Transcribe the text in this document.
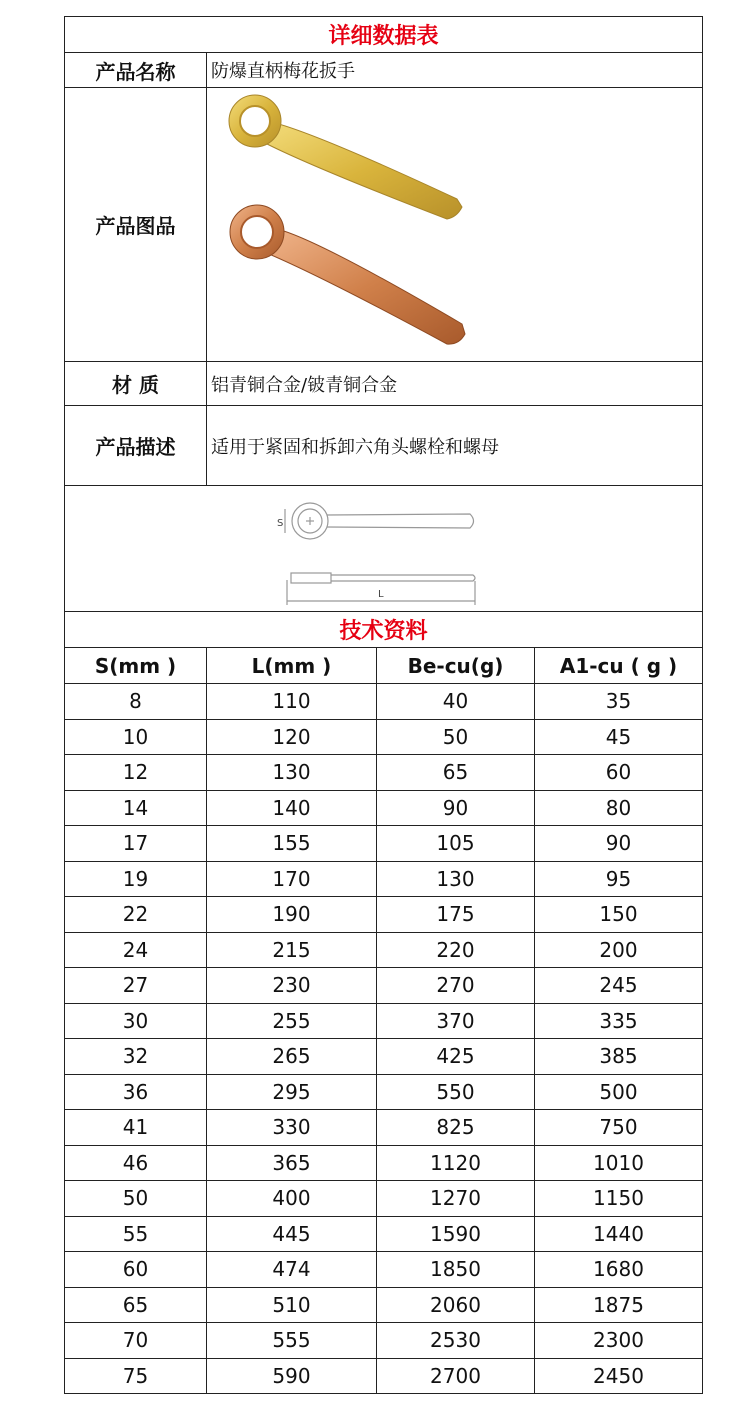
详细数据表			
产品名称	防爆直柄梅花扳手		
产品图品	

材 质	铝青铜合金/铍青铜合金		
产品描述	适用于紧固和拆卸六角头螺栓和螺母		

S
L			

技术资料			
S(mm )	L(mm )	Be-cu(g)	A1-cu ( g )
8	110	40	35
10	120	50	45
12	130	65	60
14	140	90	80
17	155	105	90
19	170	130	95
22	190	175	150
24	215	220	200
27	230	270	245
30	255	370	335
32	265	425	385
36	295	550	500
41	330	825	750
46	365	1120	1010
50	400	1270	1150
55	445	1590	1440
60	474	1850	1680
65	510	2060	1875
70	555	2530	2300
75	590	2700	2450
